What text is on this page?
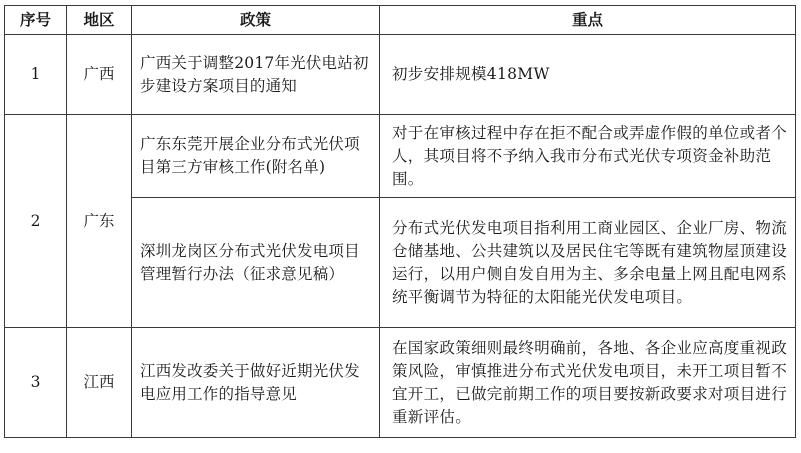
序号	地区	政策	重点
1	广西	广西关于调整2017年光伏电站初步建设方案项目的通知	初步安排规模418MW
2	广东	广东东莞开展企业分布式光伏项目第三方审核工作(附名单)	对于在审核过程中存在拒不配合或弄虚作假的单位或者个人，其项目将不予纳入我市分布式光伏专项资金补助范围。
		深圳龙岗区分布式光伏发电项目管理暂行办法（征求意见稿）	分布式光伏发电项目指利用工商业园区、企业厂房、物流仓储基地、公共建筑以及居民住宅等既有建筑物屋顶建设运行，以用户侧自发自用为主、多余电量上网且配电网系统平衡调节为特征的太阳能光伏发电项目。
3	江西	江西发改委关于做好近期光伏发电应用工作的指导意见	在国家政策细则最终明确前，各地、各企业应高度重视政策风险，审慎推进分布式光伏发电项目，未开工项目暂不宜开工，已做完前期工作的项目要按新政要求对项目进行重新评估。
